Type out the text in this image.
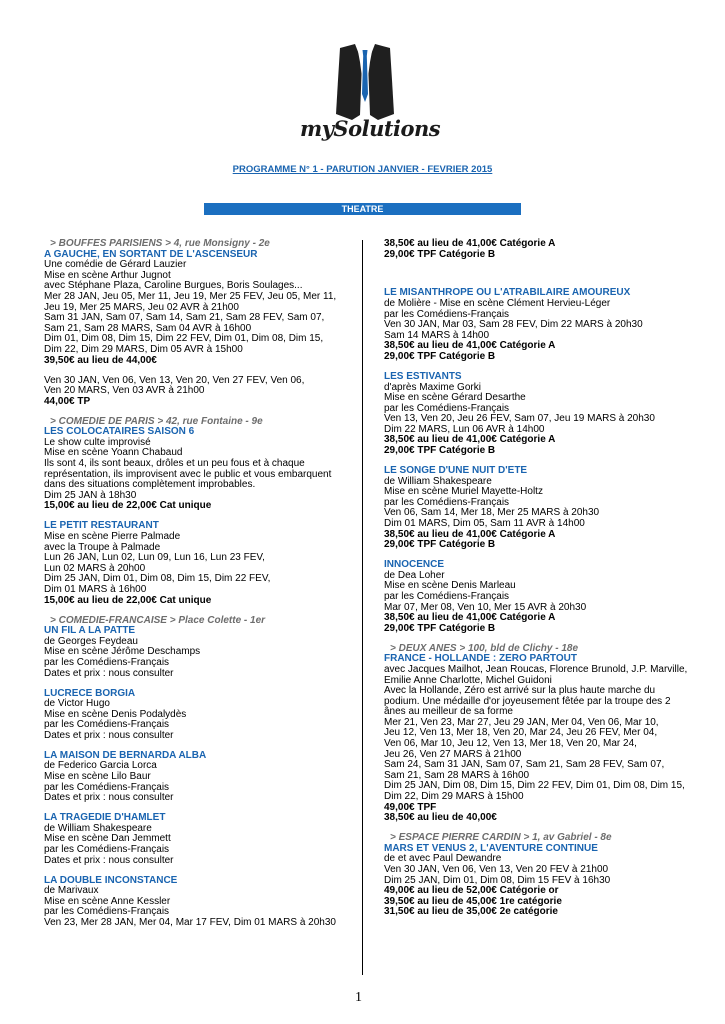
mySolutions
PROGRAMME N° 1 - PARUTION JANVIER - FEVRIER 2015
THEATRE
> BOUFFES PARISIENS > 4, rue Monsigny - 2e
A GAUCHE, EN SORTANT DE L'ASCENSEUR
Une comédie de Gérard Lauzier
Mise en scène Arthur Jugnot
avec Stéphane Plaza, Caroline Burgues, Boris Soulages...
Mer 28 JAN, Jeu 05, Mer 11, Jeu 19, Mer 25 FEV, Jeu 05, Mer 11,
Jeu 19, Mer 25 MARS, Jeu 02 AVR à 21h00
Sam 31 JAN, Sam 07, Sam 14, Sam 21, Sam 28 FEV, Sam 07,
Sam 21, Sam 28 MARS, Sam 04 AVR à 16h00
Dim 01, Dim 08, Dim 15, Dim 22 FEV, Dim 01, Dim 08, Dim 15,
Dim 22, Dim 29 MARS, Dim 05 AVR à 15h00
39,50€ au lieu de 44,00€
Ven 30 JAN, Ven 06, Ven 13, Ven 20, Ven 27 FEV, Ven 06,
Ven 20 MARS, Ven 03 AVR à 21h00
44,00€ TP
> COMEDIE DE PARIS > 42, rue Fontaine - 9e
LES COLOCATAIRES SAISON 6
Le show culte improvisé
Mise en scène Yoann Chabaud
Ils sont 4, ils sont beaux, drôles et un peu fous et à chaque
représentation, ils improvisent avec le public et vous embarquent
dans des situations complètement improbables.
Dim 25 JAN à 18h30
15,00€ au lieu de 22,00€ Cat unique
LE PETIT RESTAURANT
Mise en scène Pierre Palmade
avec la Troupe à Palmade
Lun 26 JAN, Lun 02, Lun 09, Lun 16, Lun 23 FEV,
Lun 02 MARS à 20h00
Dim 25 JAN, Dim 01, Dim 08, Dim 15, Dim 22 FEV,
Dim 01 MARS à 16h00
15,00€ au lieu de 22,00€ Cat unique
> COMEDIE-FRANCAISE > Place Colette - 1er
UN FIL A LA PATTE
de Georges Feydeau
Mise en scène Jérôme Deschamps
par les Comédiens-Français
Dates et prix : nous consulter
LUCRECE BORGIA
de Victor Hugo
Mise en scène Denis Podalydès
par les Comédiens-Français
Dates et prix : nous consulter
LA MAISON DE BERNARDA ALBA
de Federico Garcia Lorca
Mise en scène Lilo Baur
par les Comédiens-Français
Dates et prix : nous consulter
LA TRAGEDIE D'HAMLET
de William Shakespeare
Mise en scène Dan Jemmett
par les Comédiens-Français
Dates et prix : nous consulter
LA DOUBLE INCONSTANCE
de Marivaux
Mise en scène Anne Kessler
par les Comédiens-Français
Ven 23, Mer 28 JAN, Mer 04, Mar 17 FEV, Dim 01 MARS à 20h30
38,50€ au lieu de 41,00€ Catégorie A
29,00€ TPF Catégorie B
LE MISANTHROPE OU L'ATRABILAIRE AMOUREUX
de Molière - Mise en scène Clément Hervieu-Léger
par les Comédiens-Français
Ven 30 JAN, Mar 03, Sam 28 FEV, Dim 22 MARS à 20h30
Sam 14 MARS à 14h00
38,50€ au lieu de 41,00€ Catégorie A
29,00€ TPF Catégorie B
LES ESTIVANTS
d'après Maxime Gorki
Mise en scène Gérard Desarthe
par les Comédiens-Français
Ven 13, Ven 20, Jeu 26 FEV, Sam 07, Jeu 19 MARS à 20h30
Dim 22 MARS, Lun 06 AVR à 14h00
38,50€ au lieu de 41,00€ Catégorie A
29,00€ TPF Catégorie B
LE SONGE D'UNE NUIT D'ETE
de William Shakespeare
Mise en scène Muriel Mayette-Holtz
par les Comédiens-Français
Ven 06, Sam 14, Mer 18, Mer 25 MARS à 20h30
Dim 01 MARS, Dim 05, Sam 11 AVR à 14h00
38,50€ au lieu de 41,00€ Catégorie A
29,00€ TPF Catégorie B
INNOCENCE
de Dea Loher
Mise en scène Denis Marleau
par les Comédiens-Français
Mar 07, Mer 08, Ven 10, Mer 15 AVR à 20h30
38,50€ au lieu de 41,00€ Catégorie A
29,00€ TPF Catégorie B
> DEUX ANES > 100, bld de Clichy - 18e
FRANCE - HOLLANDE : ZERO PARTOUT
avec Jacques Mailhot, Jean Roucas, Florence Brunold, J.P. Marville,
Emilie Anne Charlotte, Michel Guidoni
Avec la Hollande, Zéro est arrivé sur la plus haute marche du
podium. Une médaille d'or joyeusement fêtée par la troupe des 2
ânes au meilleur de sa forme
Mer 21, Ven 23, Mar 27, Jeu 29 JAN, Mer 04, Ven 06, Mar 10,
Jeu 12, Ven 13, Mer 18, Ven 20, Mar 24, Jeu 26 FEV, Mer 04,
Ven 06, Mar 10, Jeu 12, Ven 13, Mer 18, Ven 20, Mar 24,
Jeu 26, Ven 27 MARS à 21h00
Sam 24, Sam 31 JAN, Sam 07, Sam 21, Sam 28 FEV, Sam 07,
Sam 21, Sam 28 MARS à 16h00
Dim 25 JAN, Dim 08, Dim 15, Dim 22 FEV, Dim 01, Dim 08, Dim 15,
Dim 22, Dim 29 MARS à 15h00
49,00€ TPF
38,50€ au lieu de 40,00€
> ESPACE PIERRE CARDIN > 1, av Gabriel - 8e
MARS ET VENUS 2, L'AVENTURE CONTINUE
de et avec Paul Dewandre
Ven 30 JAN, Ven 06, Ven 13, Ven 20 FEV à 21h00
Dim 25 JAN, Dim 01, Dim 08, Dim 15 FEV à 16h30
49,00€ au lieu de 52,00€ Catégorie or
39,50€ au lieu de 45,00€ 1re catégorie
31,50€ au lieu de 35,00€ 2e catégorie
1
